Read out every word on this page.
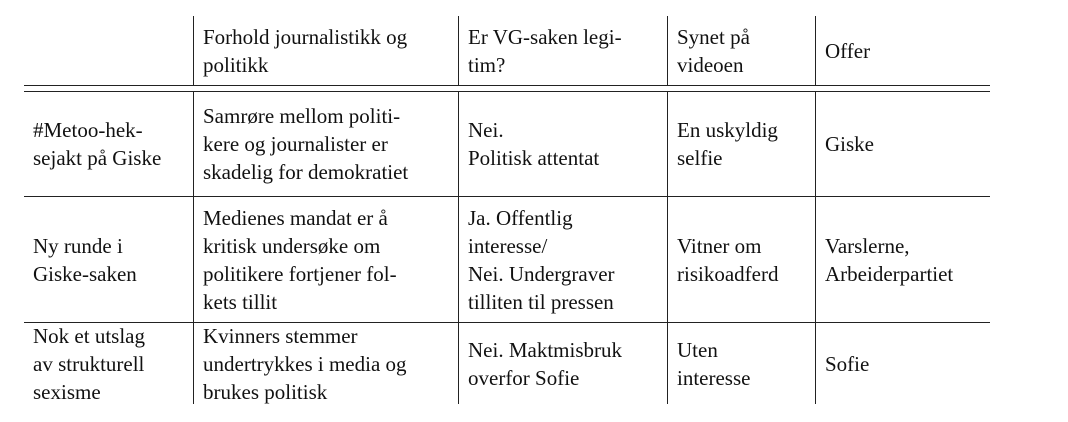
Forhold journalistikk og
politikk
Er VG-saken legi-
tim?
Synet på
videoen
Offer
#Metoo-hek-
sejakt på Giske
Samrøre mellom politi-
kere og journalister er
skadelig for demokratiet
Nei.
Politisk attentat
En uskyldig
selfie
Giske
Ny runde i
Giske-saken
Medienes mandat er å
kritisk undersøke om
politikere fortjener fol-
kets tillit
Ja. Offentlig
interesse/
Nei. Undergraver
tilliten til pressen
Vitner om
risikoadferd
Varslerne,
Arbeiderpartiet
Nok et utslag
av strukturell
sexisme
Kvinners stemmer
undertrykkes i media og
brukes politisk
Nei. Maktmisbruk
overfor Sofie
Uten
interesse
Sofie
